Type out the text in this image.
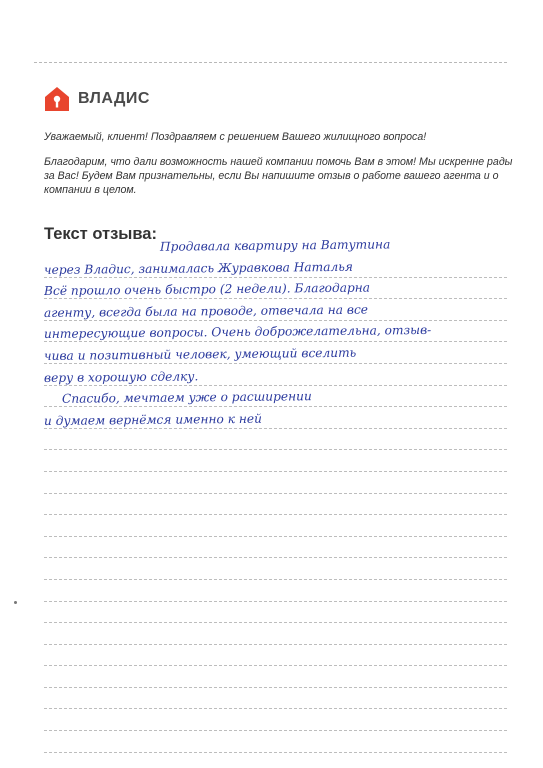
ВЛАДИС

Уважаемый, клиент! Поздравляем с решением Вашего жилищного вопроса!

Благодарим, что дали возможность нашей компании помочь Вам в этом! Мы искренне рады за Вас! Будем Вам признательны, если Вы напишите отзыв о работе вашего агента и о компании в целом.

Текст отзыва:
Продавала квартиру на Ватутина
через Владис, занималась Журавкова Наталья
Всё прошло очень быстро (2 недели). Благодарна
агенту, всегда была на проводе, отвечала на все
интересующие вопросы. Очень доброжелательна, отзыв-
чива и позитивный человек, умеющий вселить
веру в хорошую сделку.
Спасибо, мечтаем уже о расширении
и думаем вернёмся именно к ней
